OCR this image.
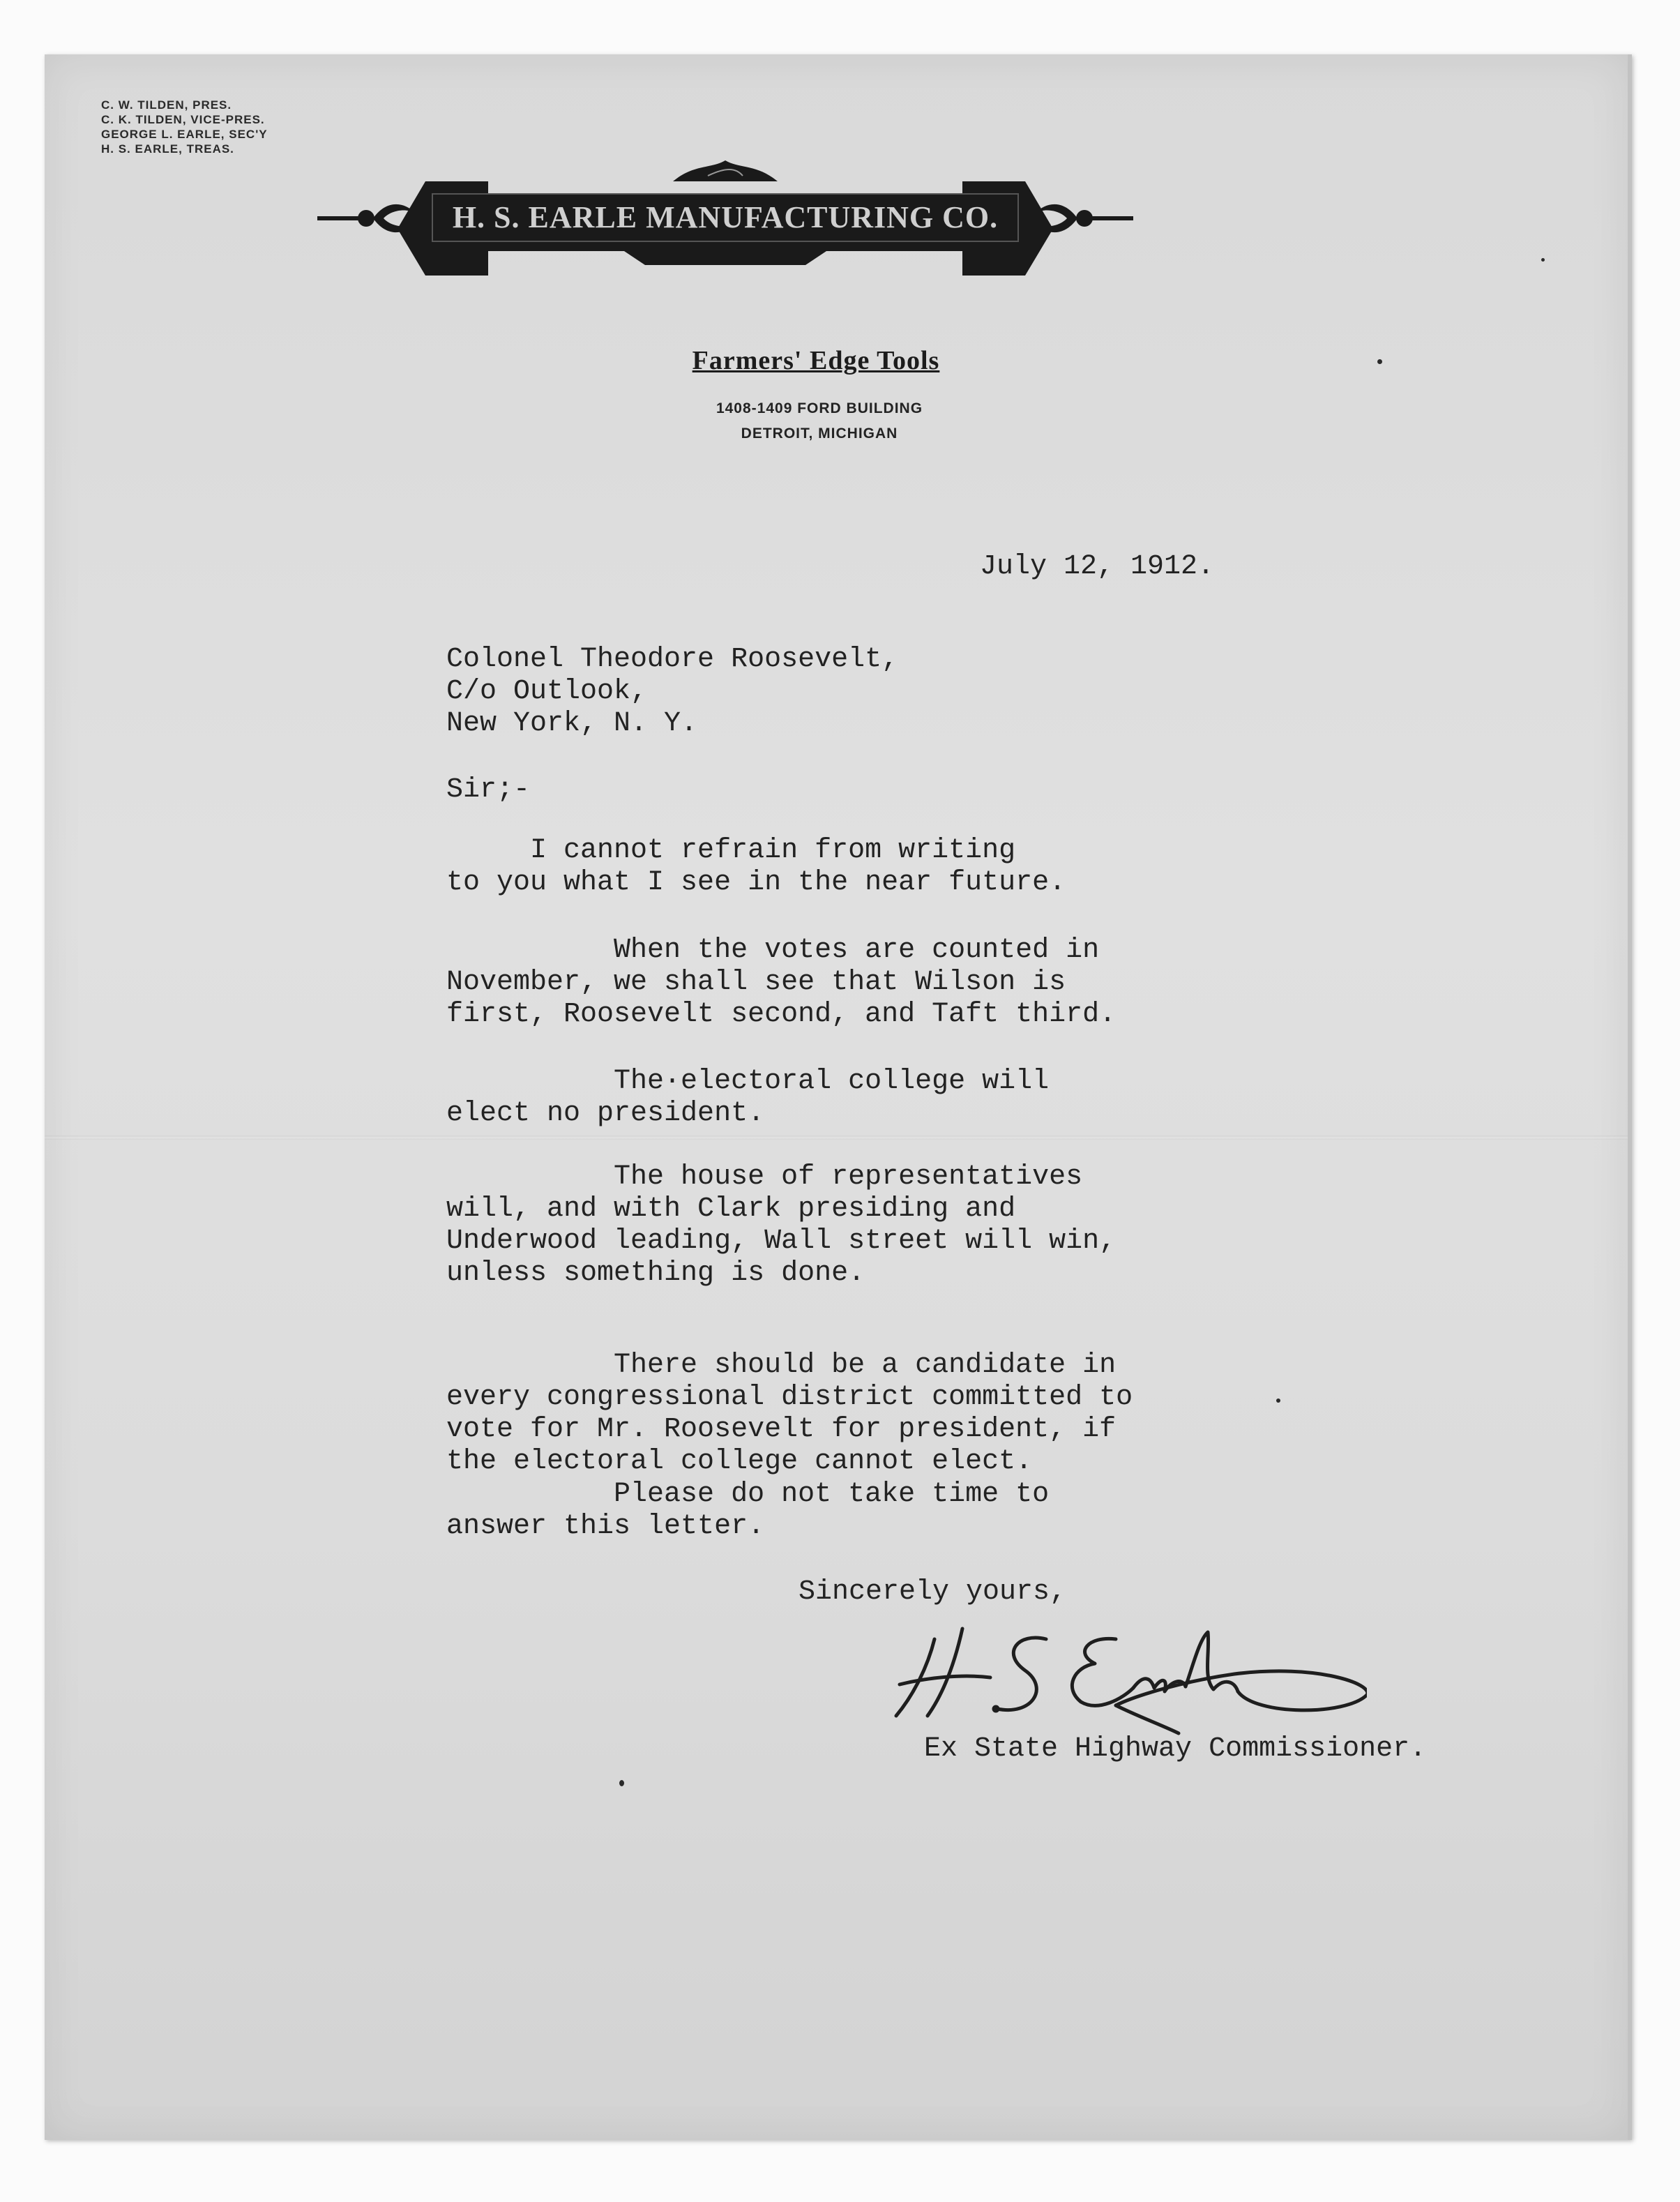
C. W. TILDEN, PRES.
C. K. TILDEN, VICE-PRES.
GEORGE L. EARLE, SEC'Y
H. S. EARLE, TREAS.
H. S. EARLE MANUFACTURING CO.
Farmers' Edge Tools
1408-1409 FORD BUILDING
DETROIT, MICHIGAN
July 12, 1912.
Colonel Theodore Roosevelt,
C/o Outlook,
New York, N. Y.
Sir;-
I cannot refrain from writing
to you what I see in the near future.
When the votes are counted in
November, we shall see that Wilson is
first, Roosevelt second, and Taft third.
The·electoral college will
elect no president.
The house of representatives
will, and with Clark presiding and
Underwood leading, Wall street will win,
unless something is done.
There should be a candidate in
every congressional district committed to
vote for Mr. Roosevelt for president, if
the electoral college cannot elect.
Please do not take time to
answer this letter.
Sincerely yours,
Ex State Highway Commissioner.
